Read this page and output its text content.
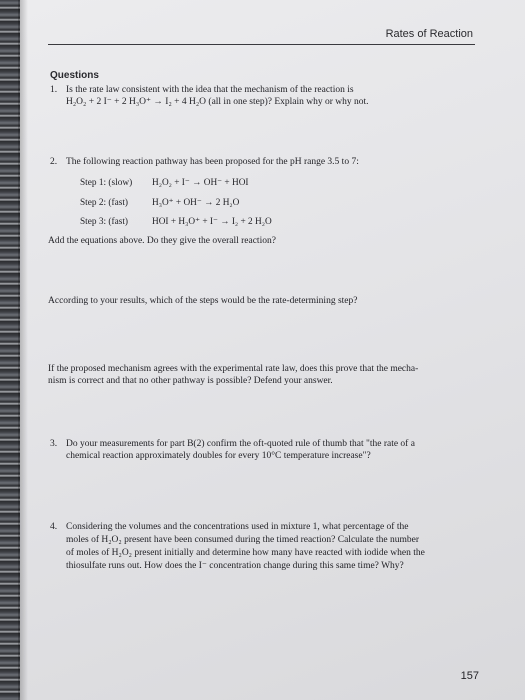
Rates of Reaction
Questions
1. Is the rate law consistent with the idea that the mechanism of the reaction is
H₂O₂ + 2 I⁻ + 2 H₃O⁺ → I₂ + 4 H₂O (all in one step)? Explain why or why not.
2. The following reaction pathway has been proposed for the pH range 3.5 to 7:
Step 1: (slow) H₂O₂ + I⁻ → OH⁻ + HOI
Step 2: (fast)	H₃O⁺ + OH⁻ → 2 H₂O
Step 3: (fast)	HOI + H₃O⁺ + I⁻ → I₂ + 2 H₂O
Add the equations above. Do they give the overall reaction?
According to your results, which of the steps would be the rate-determining step?
If the proposed mechanism agrees with the experimental rate law, does this prove that the mecha-
nism is correct and that no other pathway is possible? Defend your answer.
3. Do your measurements for part B(2) confirm the oft-quoted rule of thumb that "the rate of a
chemical reaction approximately doubles for every 10°C temperature increase"?
4. Considering the volumes and the concentrations used in mixture 1, what percentage of the
moles of H₂O₂ present have been consumed during the timed reaction? Calculate the number
of moles of H₂O₂ present initially and determine how many have reacted with iodide when the
thiosulfate runs out. How does the I⁻ concentration change during this same time? Why?
157
